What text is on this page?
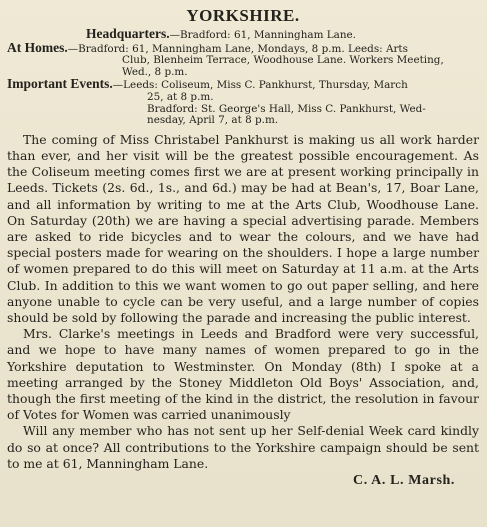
YORKSHIRE.
Headquarters.—Bradford: 61, Manningham Lane.
At Homes.—Bradford: 61, Manningham Lane, Mondays, 8 p.m. Leeds: Arts
Club, Blenheim Terrace, Woodhouse Lane. Workers Meeting,
Wed., 8 p.m.
Important Events.—Leeds: Coliseum, Miss C. Pankhurst, Thursday, March
25, at 8 p.m.
Bradford: St. George's Hall, Miss C. Pankhurst, Wed-
nesday, April 7, at 8 p.m.

The coming of Miss Christabel Pankhurst is making us all work harder than ever, and her visit will be the greatest possible encouragement. As the Coliseum meeting comes first we are at present working principally in Leeds. Tickets (2s. 6d., 1s., and 6d.) may be had at Bean's, 17, Boar Lane, and all information by writing to me at the Arts Club, Woodhouse Lane. On Saturday (20th) we are having a special advertising parade. Members are asked to ride bicycles and to wear the colours, and we have had special posters made for wearing on the shoulders. I hope a large number of women prepared to do this will meet on Saturday at 11 a.m. at the Arts Club. In addition to this we want women to go out paper selling, and here anyone unable to cycle can be very useful, and a large number of copies should be sold by following the parade and increasing the public interest.

Mrs. Clarke's meetings in Leeds and Bradford were very successful, and we hope to have many names of women prepared to go in the Yorkshire deputation to Westminster. On Monday (8th) I spoke at a meeting arranged by the Stoney Middleton Old Boys' Association, and, though the first meeting of the kind in the district, the resolution in favour of Votes for Women was carried unanimously

Will any member who has not sent up her Self-denial Week card kindly do so at once? All contributions to the Yorkshire campaign should be sent to me at 61, Manningham Lane.

C. A. L. Marsh.
